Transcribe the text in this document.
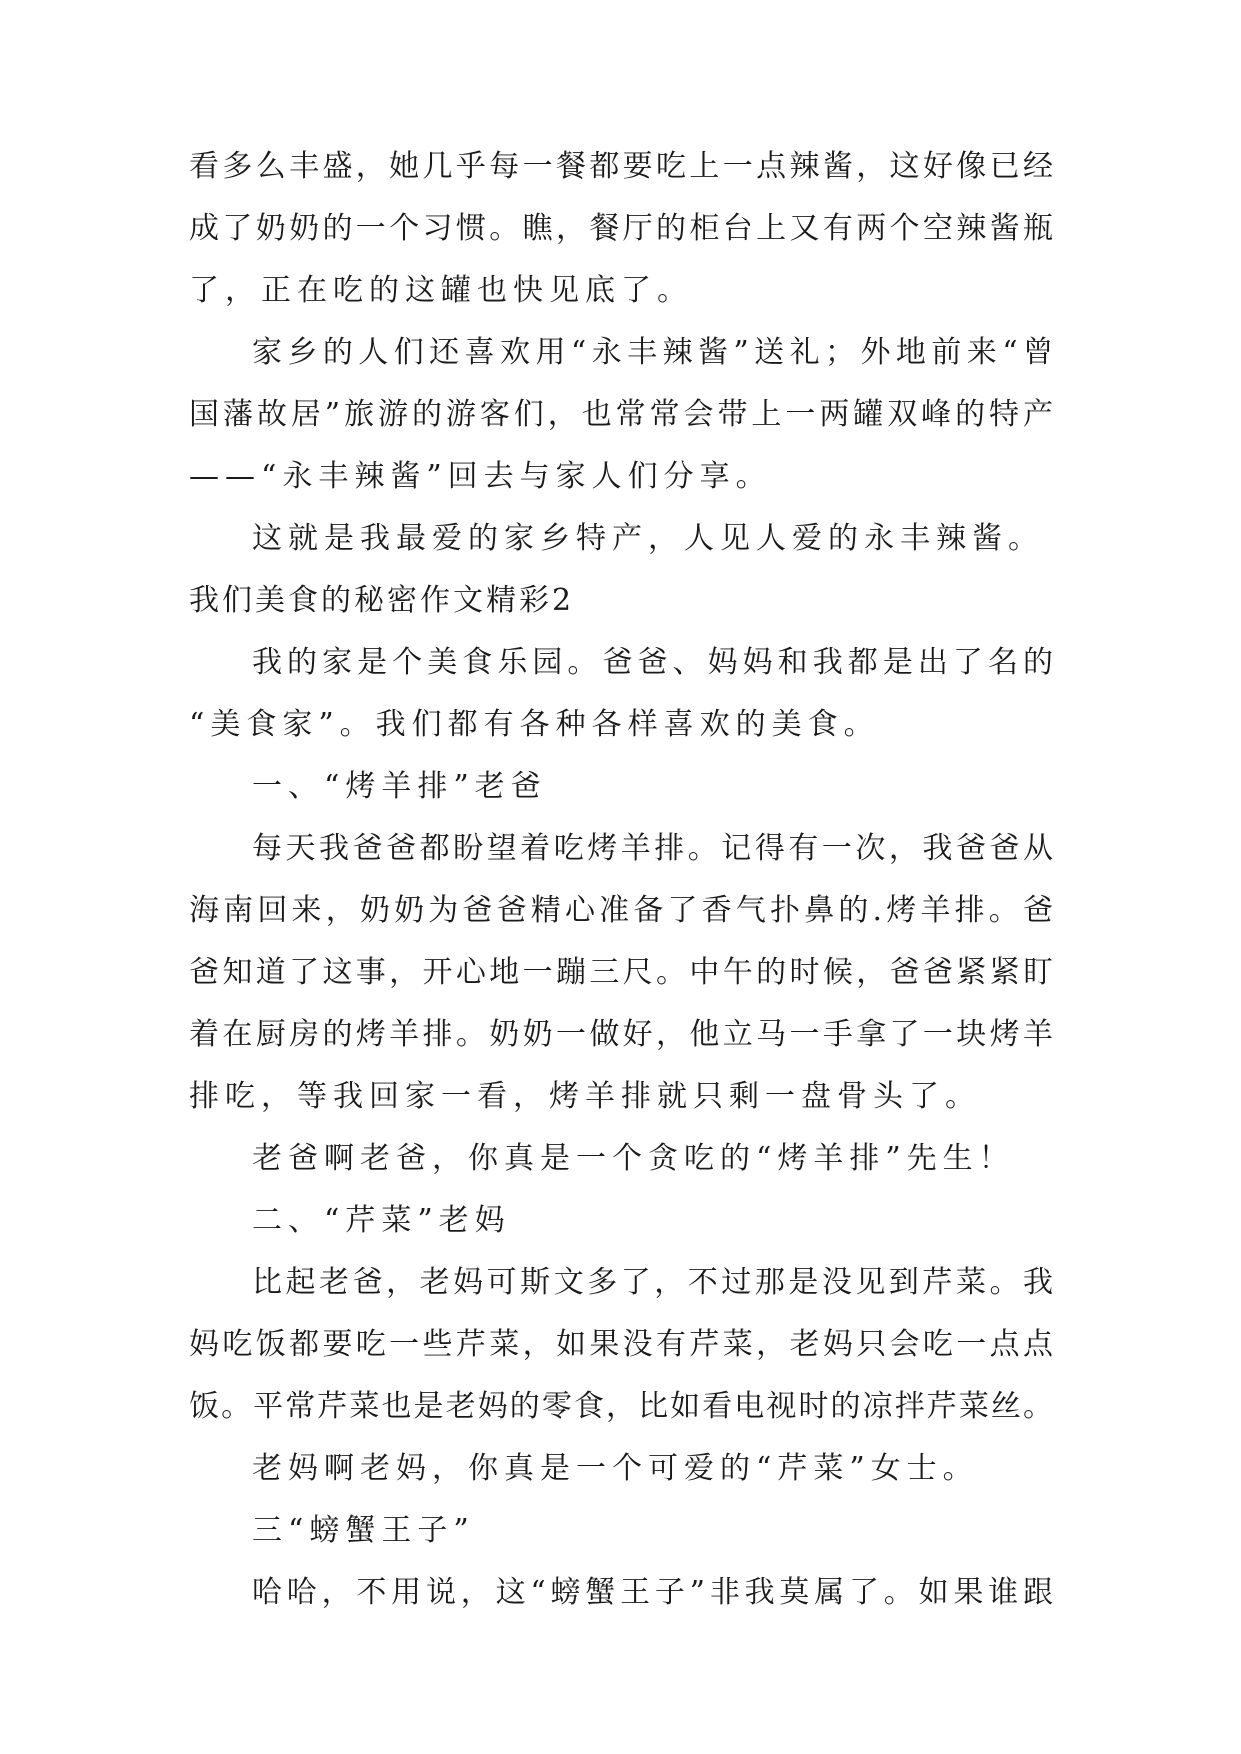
看多么丰盛，她几乎每一餐都要吃上一点辣酱，这好像已经
成了奶奶的一个习惯。瞧，餐厅的柜台上又有两个空辣酱瓶
了，正在吃的这罐也快见底了。
家乡的人们还喜欢用“永丰辣酱”送礼；外地前来“曾
国藩故居”旅游的游客们，也常常会带上一两罐双峰的特产
——“永丰辣酱”回去与家人们分享。
这就是我最爱的家乡特产，人见人爱的永丰辣酱。
我们美食的秘密作文精彩2
我的家是个美食乐园。爸爸、妈妈和我都是出了名的
“美食家”。我们都有各种各样喜欢的美食。
一、“烤羊排”老爸
每天我爸爸都盼望着吃烤羊排。记得有一次，我爸爸从
海南回来，奶奶为爸爸精心准备了香气扑鼻的.烤羊排。爸
爸知道了这事，开心地一蹦三尺。中午的时候，爸爸紧紧盯
着在厨房的烤羊排。奶奶一做好，他立马一手拿了一块烤羊
排吃，等我回家一看，烤羊排就只剩一盘骨头了。
老爸啊老爸，你真是一个贪吃的“烤羊排”先生！
二、“芹菜”老妈
比起老爸，老妈可斯文多了，不过那是没见到芹菜。我
妈吃饭都要吃一些芹菜，如果没有芹菜，老妈只会吃一点点
饭。平常芹菜也是老妈的零食，比如看电视时的凉拌芹菜丝。
老妈啊老妈，你真是一个可爱的“芹菜”女士。
三“螃蟹王子”
哈哈，不用说，这“螃蟹王子”非我莫属了。如果谁跟
